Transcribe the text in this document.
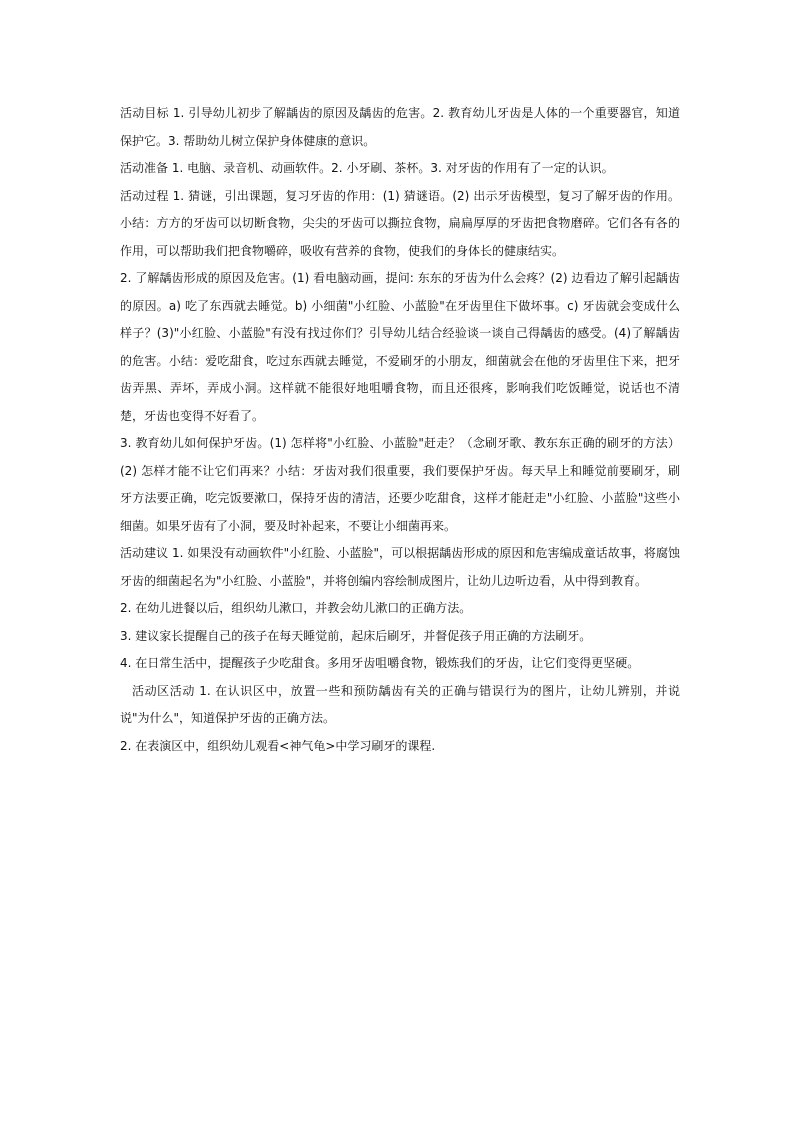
活动目标 1. 引导幼儿初步了解龋齿的原因及龋齿的危害。2. 教育幼儿牙齿是人体的一个重要器官，知道保护它。3. 帮助幼儿树立保护身体健康的意识。

活动准备 1. 电脑、录音机、动画软件。2. 小牙刷、茶杯。3. 对牙齿的作用有了一定的认识。

活动过程 1. 猜谜，引出课题，复习牙齿的作用：(1) 猜谜语。(2) 出示牙齿模型，复习了解牙齿的作用。小结：方方的牙齿可以切断食物，尖尖的牙齿可以撕拉食物，扁扁厚厚的牙齿把食物磨碎。它们各有各的作用，可以帮助我们把食物嚼碎，吸收有营养的食物，使我们的身体长的健康结实。

2. 了解龋齿形成的原因及危害。(1) 看电脑动画，提问: 东东的牙齿为什么会疼？(2) 边看边了解引起龋齿的原因。a) 吃了东西就去睡觉。b) 小细菌"小红脸、小蓝脸"在牙齿里住下做坏事。c) 牙齿就会变成什么样子？(3)"小红脸、小蓝脸"有没有找过你们？引导幼儿结合经验谈一谈自己得龋齿的感受。(4)了解龋齿的危害。小结：爱吃甜食，吃过东西就去睡觉，不爱刷牙的小朋友，细菌就会在他的牙齿里住下来，把牙齿弄黑、弄坏，弄成小洞。这样就不能很好地咀嚼食物，而且还很疼，影响我们吃饭睡觉，说话也不清楚，牙齿也变得不好看了。

3. 教育幼儿如何保护牙齿。(1) 怎样将"小红脸、小蓝脸"赶走？（念刷牙歌、教东东正确的刷牙的方法）(2) 怎样才能不让它们再来？小结：牙齿对我们很重要，我们要保护牙齿。每天早上和睡觉前要刷牙，刷牙方法要正确，吃完饭要漱口，保持牙齿的清洁，还要少吃甜食，这样才能赶走"小红脸、小蓝脸"这些小细菌。如果牙齿有了小洞，要及时补起来，不要让小细菌再来。

活动建议 1. 如果没有动画软件"小红脸、小蓝脸"，可以根据龋齿形成的原因和危害编成童话故事，将腐蚀牙齿的细菌起名为"小红脸、小蓝脸"，并将创编内容绘制成图片，让幼儿边听边看，从中得到教育。

2. 在幼儿进餐以后，组织幼儿漱口，并教会幼儿漱口的正确方法。

3. 建议家长提醒自己的孩子在每天睡觉前，起床后刷牙，并督促孩子用正确的方法刷牙。

4. 在日常生活中，提醒孩子少吃甜食。多用牙齿咀嚼食物，锻炼我们的牙齿，让它们变得更坚硬。

活动区活动 1. 在认识区中，放置一些和预防龋齿有关的正确与错误行为的图片，让幼儿辨别，并说说"为什么"，知道保护牙齿的正确方法。

2. 在表演区中，组织幼儿观看<神气龟>中学习刷牙的课程.
